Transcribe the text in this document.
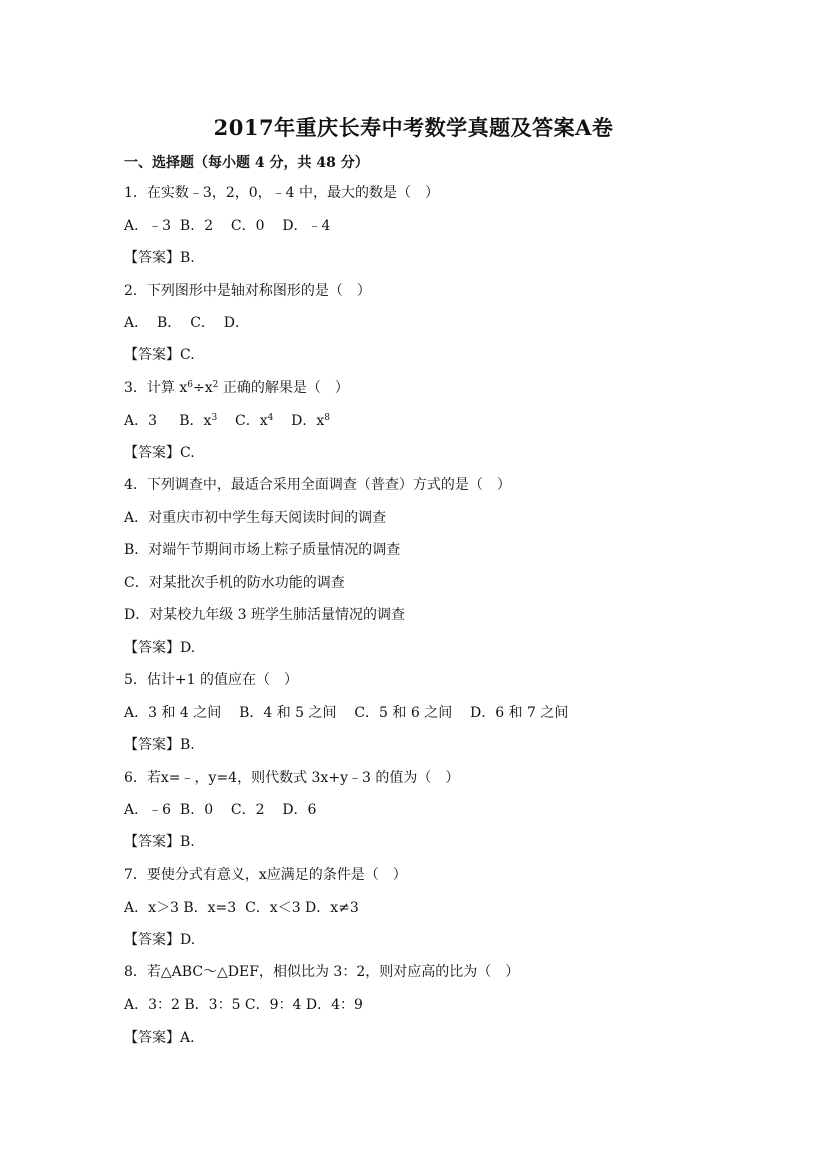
2017年重庆长寿中考数学真题及答案A卷
一、选择题（每小题 4 分，共 48 分）
1．在实数﹣3，2，0，﹣4 中，最大的数是（　）
A．﹣3  B．2    C．0    D．﹣4
【答案】B.
2．下列图形中是轴对称图形的是（　）
A．  B．  C．  D．
【答案】C.
3．计算 $x^6\div x^2$ 正确的解果是（　）
A．3     B．$x^3$    C．$x^4$    D．$x^8$
【答案】C.
4．下列调查中，最适合采用全面调查（普查）方式的是（　）
A．对重庆市初中学生每天阅读时间的调查
B．对端午节期间市场上粽子质量情况的调查
C．对某批次手机的防水功能的调查
D．对某校九年级 3 班学生肺活量情况的调查
【答案】D.
5．估计+1 的值应在（　）
A．3 和 4 之间    B．4 和 5 之间    C．5 和 6 之间    D．6 和 7 之间
【答案】B.
6．若x=﹣，y=4，则代数式 3x+y﹣3 的值为（　）
A．﹣6  B．0    C．2    D．6
【答案】B.
7．要使分式有意义，x应满足的条件是（　）
A．x＞3 B．x=3  C．x＜3 D．x≠3
【答案】D.
8．若△ABC～△DEF，相似比为 3：2，则对应高的比为（　）
A．3：2 B．3：5 C．9：4 D．4：9
【答案】A.
